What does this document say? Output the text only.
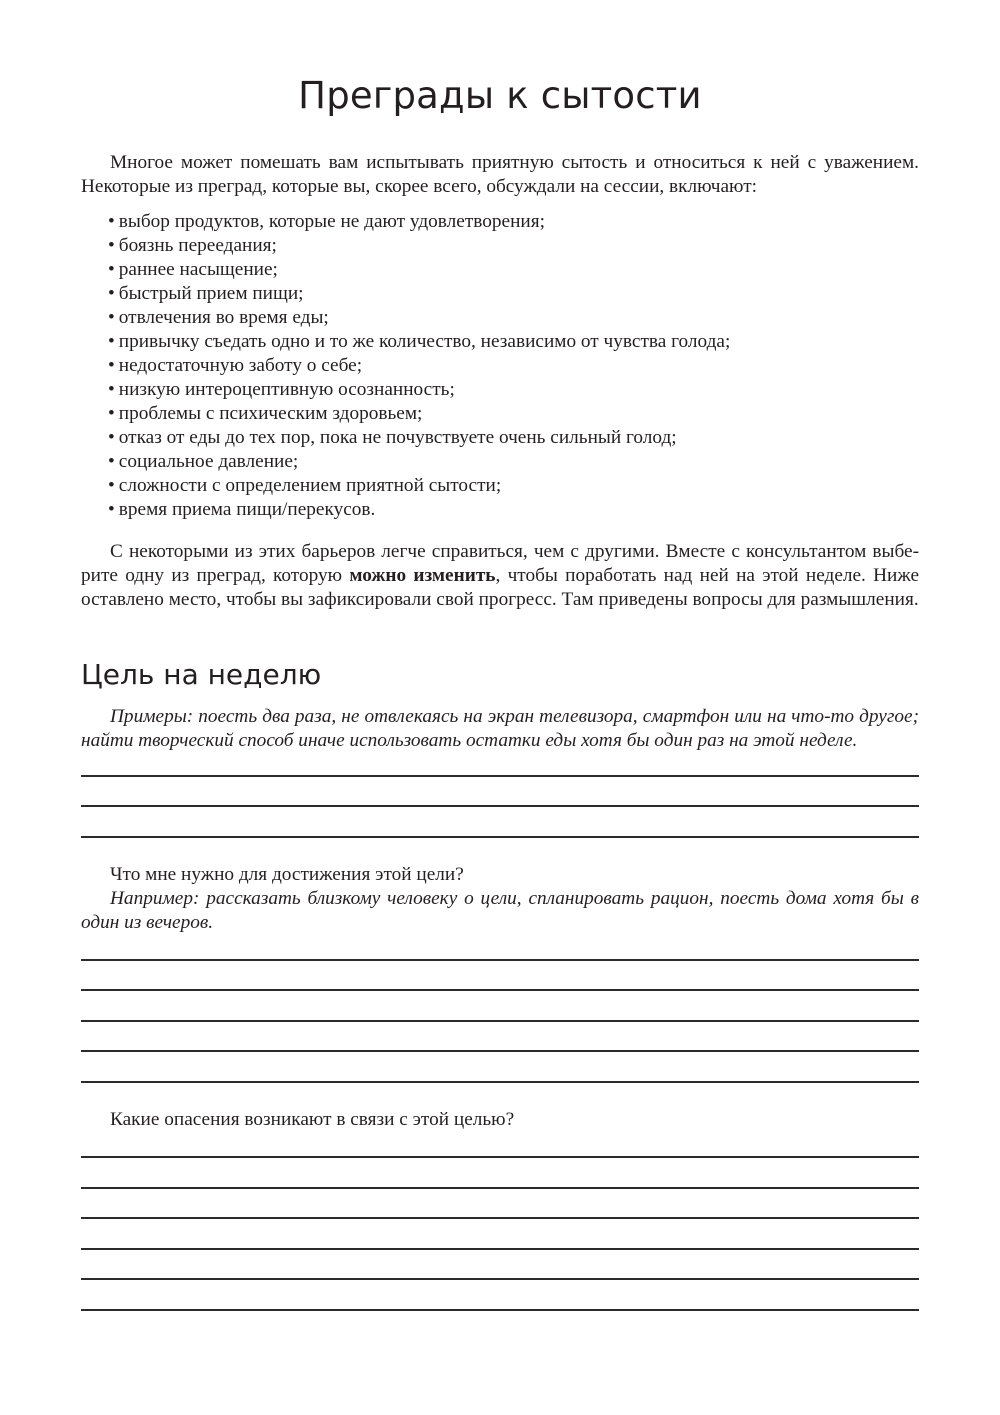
Преграды к сытости

Многое может помешать вам испытывать приятную сытость и относиться к ней с уважением. Некоторые из преград, которые вы, скорее всего, обсуждали на сессии, включают:

• выбор продуктов, которые не дают удовлетворения;
• боязнь переедания;
• раннее насыщение;
• быстрый прием пищи;
• отвлечения во время еды;
• привычку съедать одно и то же количество, независимо от чувства голода;
• недостаточную заботу о себе;
• низкую интероцептивную осознанность;
• проблемы с психическим здоровьем;
• отказ от еды до тех пор, пока не почувствуете очень сильный голод;
• социальное давление;
• сложности с определением приятной сытости;
• время приема пищи/перекусов.

С некоторыми из этих барьеров легче справиться, чем с другими. Вместе с консультантом выберите одну из преград, которую можно изменить, чтобы поработать над ней на этой неделе. Ниже оставлено место, чтобы вы зафиксировали свой прогресс. Там приведены вопросы для размышления.

Цель на неделю

Примеры: поесть два раза, не отвлекаясь на экран телевизора, смартфон или на что-то другое; найти творческий способ иначе использовать остатки еды хотя бы один раз на этой неделе.

Что мне нужно для достижения этой цели?

Например: рассказать близкому человеку о цели, спланировать рацион, поесть дома хотя бы в один из вечеров.

Какие опасения возникают в связи с этой целью?
